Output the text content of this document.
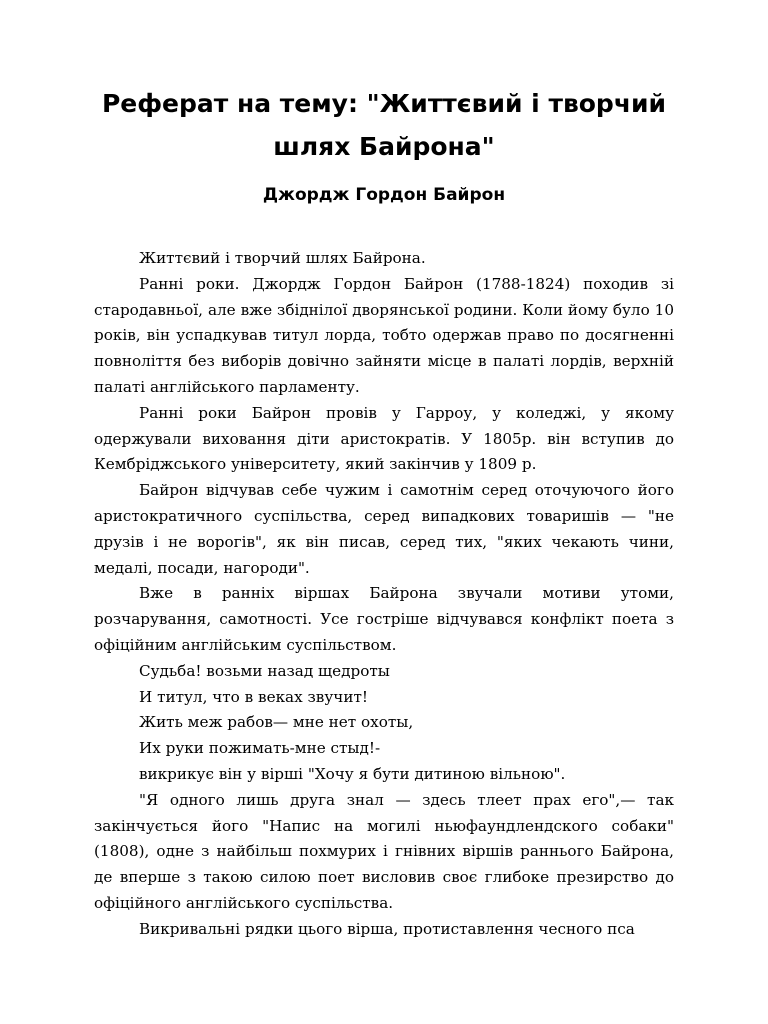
Реферат на тему: "Життєвий і творчий шлях Байрона"
Джордж Гордон Байрон

Життєвий і творчий шлях Байрона.

Ранні роки. Джордж Гордон Байрон (1788-1824) походив зі стародавньої, але вже збіднілої дворянської родини. Коли йому було 10 років, він успадкував титул лорда, тобто одержав право по досягненні повноліття без виборів довічно зайняти місце в палаті лордів, верхній палаті англійського парламенту.

Ранні роки Байрон провів у Гарроу, у коледжі, у якому одержували виховання діти аристократів. У 1805р. він вступив до Кембріджського університету, який закінчив у 1809 р.

Байрон відчував себе чужим і самотнім серед оточуючого його аристократичного суспільства, серед випадкових товаришів — "не друзів і не ворогів", як він писав, серед тих, "яких чекають чини, медалі, посади, нагороди".

Вже в ранніх віршах Байрона звучали мотиви утоми, розчарування, самотності. Усе гостріше відчувався конфлікт поета з офіційним англійським суспільством.

Судьба! возьми назад щедроты

И титул, что в веках звучит!

Жить меж рабов— мне нет охоты,

Их руки пожимать-мне стыд!-

викрикує він у вірші "Хочу я бути дитиною вільною".

"Я одного лишь друга знал — здесь тлеет прах его",— так закінчується його "Напис на могилі ньюфаундлендского собаки" (1808), одне з найбільш похмурих і гнівних віршів раннього Байрона, де вперше з такою силою поет висловив своє глибоке презирство до офіційного англійського суспільства.

Викривальні рядки цього вірша, протиставлення чесного пса
